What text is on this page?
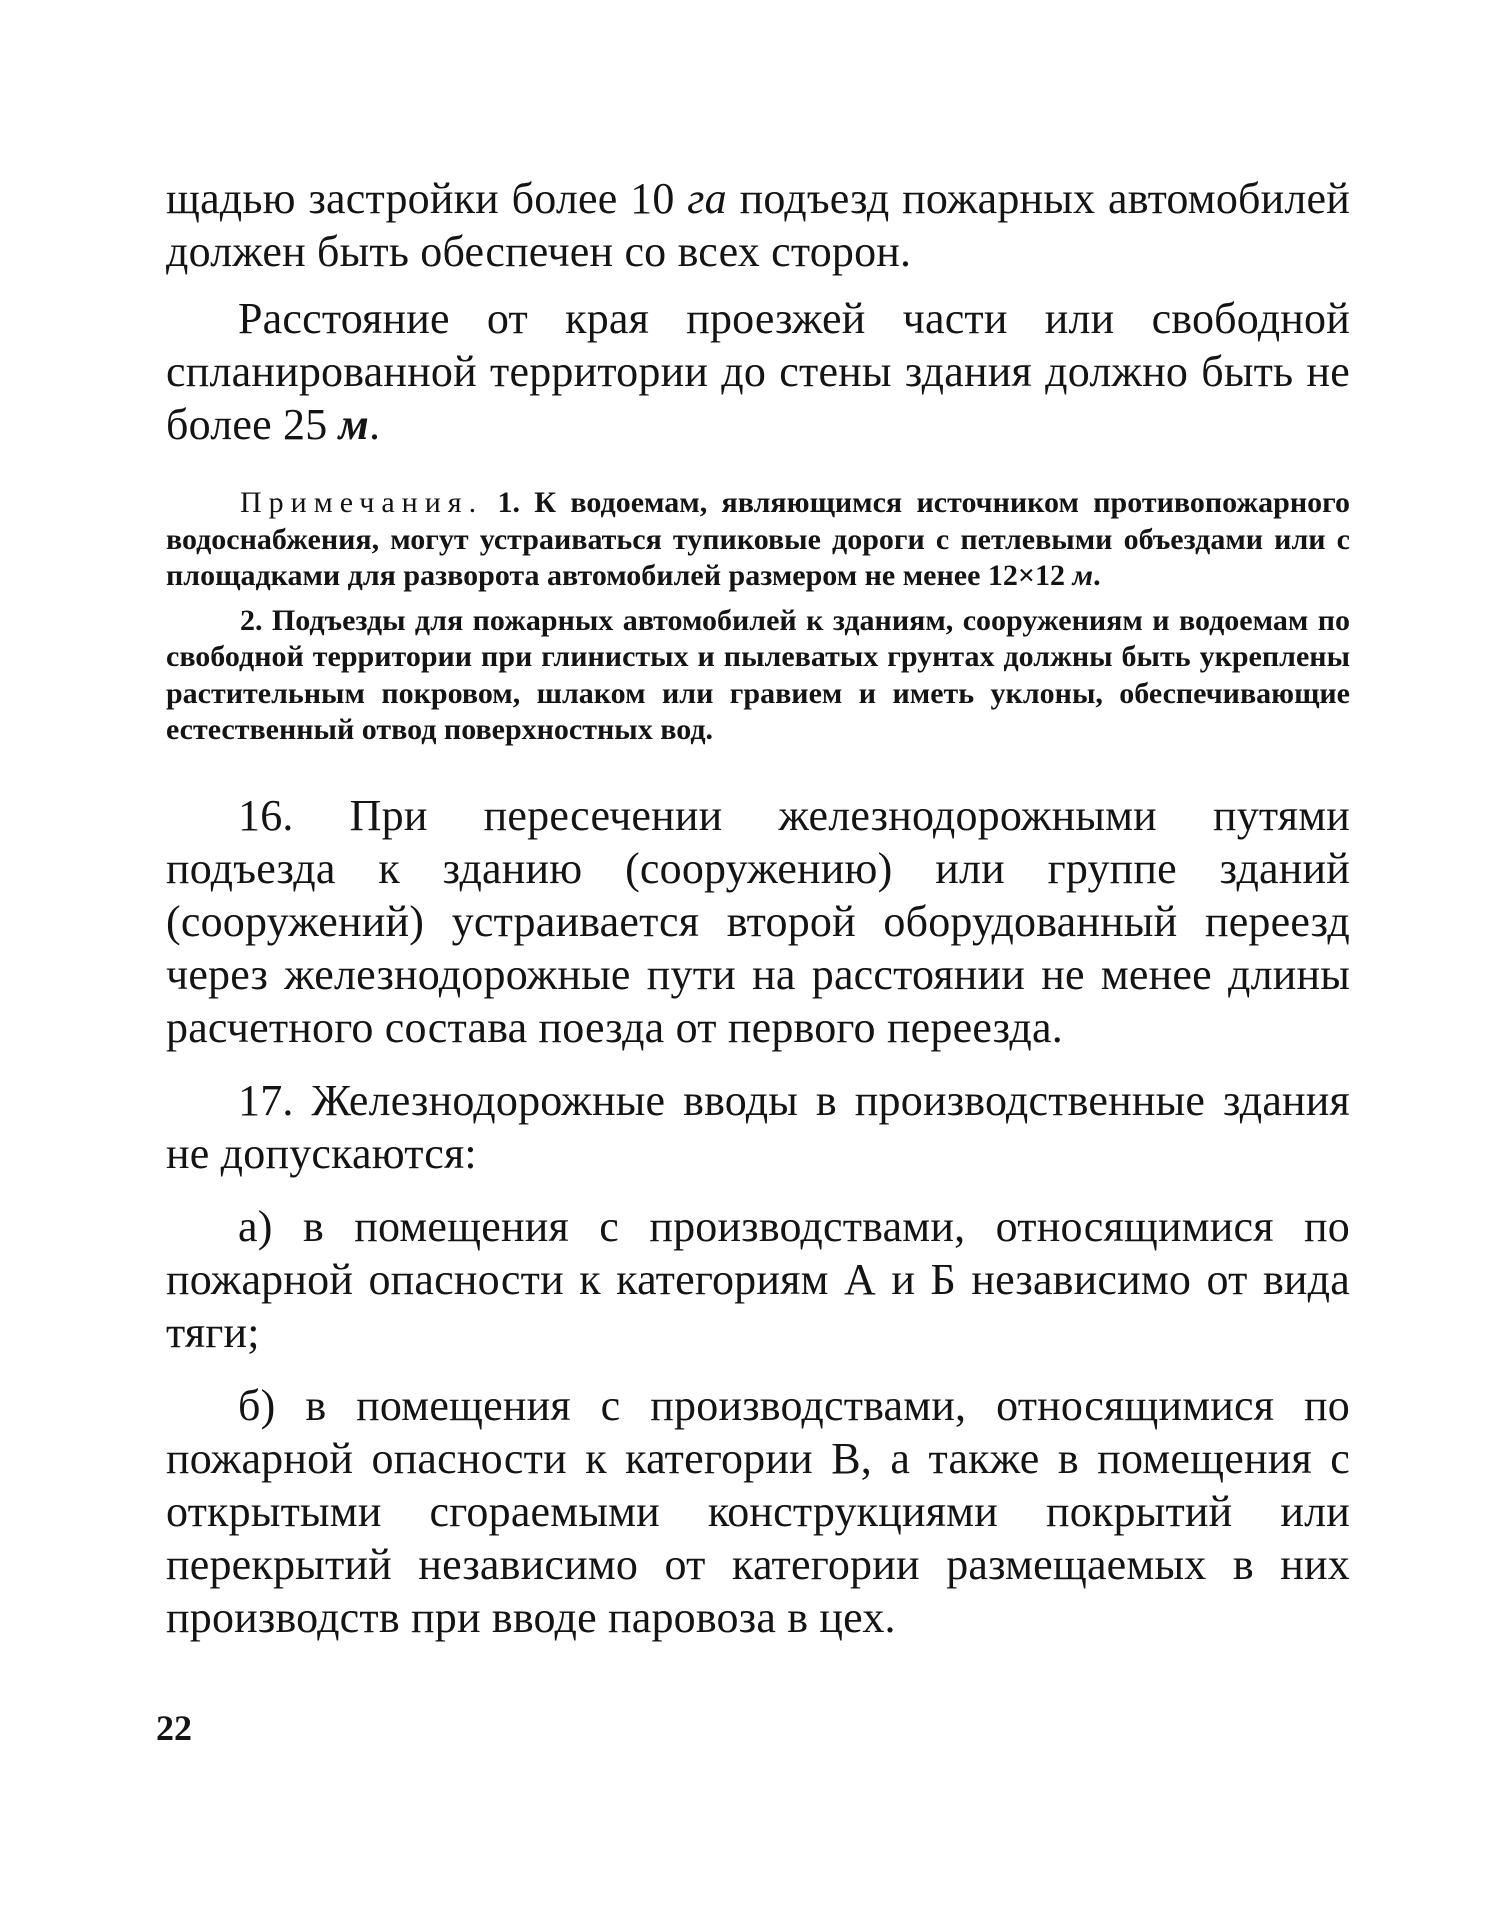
щадью застройки более 10 га подъезд пожарных автомобилей должен быть обеспечен со всех сторон.

Расстояние от края проезжей части или свободной спланированной территории до стены здания должно быть не более 25 м.

Примечания. 1. К водоемам, являющимся источником противопожарного водоснабжения, могут устраиваться тупиковые дороги с петлевыми объездами или с площадками для разворота автомобилей размером не менее 12×12 м.

2. Подъезды для пожарных автомобилей к зданиям, сооружениям и водоемам по свободной территории при глинистых и пылеватых грунтах должны быть укреплены растительным покровом, шлаком или гравием и иметь уклоны, обеспечивающие естественный отвод поверхностных вод.

16. При пересечении железнодорожными путями подъезда к зданию (сооружению) или группе зданий (сооружений) устраивается второй оборудованный переезд через железнодорожные пути на расстоянии не менее длины расчетного состава поезда от первого переезда.

17. Железнодорожные вводы в производственные здания не допускаются:

а) в помещения с производствами, относящимися по пожарной опасности к категориям А и Б независимо от вида тяги;

б) в помещения с производствами, относящимися по пожарной опасности к категории В, а также в помещения с открытыми сгораемыми конструкциями покрытий или перекрытий независимо от категории размещаемых в них производств при вводе паровоза в цех.

22
